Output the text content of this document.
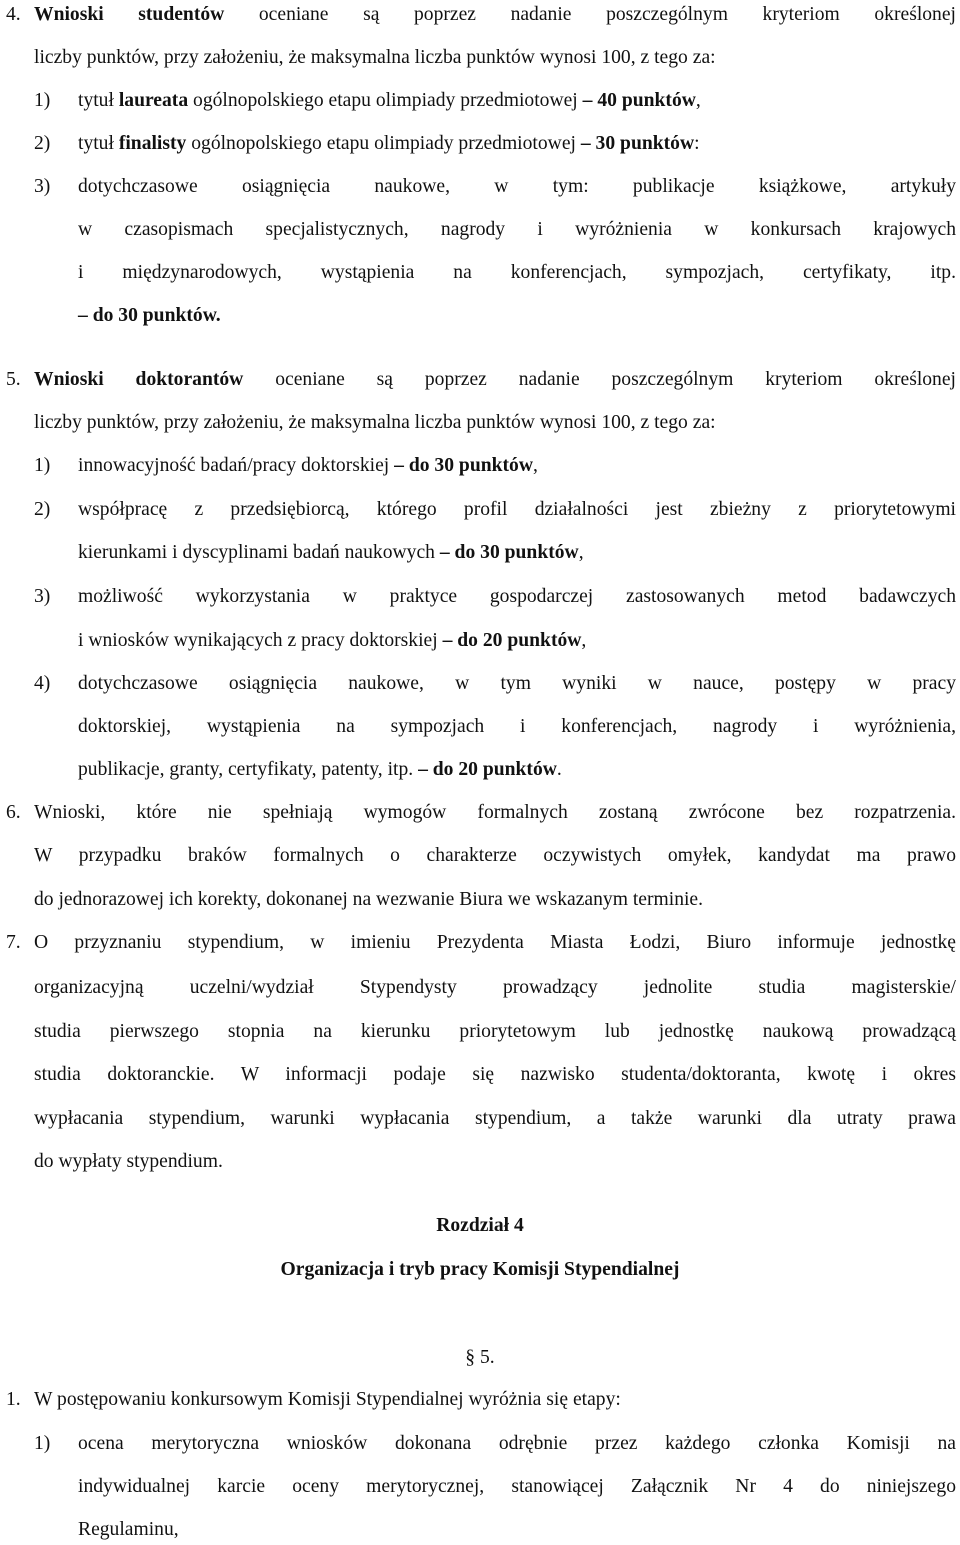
4. Wnioski studentów oceniane są poprzez nadanie poszczególnym kryteriom określonej
liczby punktów, przy założeniu, że maksymalna liczba punktów wynosi 100, z tego za:
1) tytuł laureata ogólnopolskiego etapu olimpiady przedmiotowej – 40 punktów,
2) tytuł finalisty ogólnopolskiego etapu olimpiady przedmiotowej – 30 punktów:
3) dotychczasowe osiągnięcia naukowe, w tym: publikacje książkowe, artykuły
w czasopismach specjalistycznych, nagrody i wyróżnienia w konkursach krajowych
i międzynarodowych, wystąpienia na konferencjach, sympozjach, certyfikaty, itp.
– do 30 punktów.
5. Wnioski doktorantów oceniane są poprzez nadanie poszczególnym kryteriom określonej
liczby punktów, przy założeniu, że maksymalna liczba punktów wynosi 100, z tego za:
1) innowacyjność badań/pracy doktorskiej – do 30 punktów,
2) współpracę z przedsiębiorcą, którego profil działalności jest zbieżny z priorytetowymi
kierunkami i dyscyplinami badań naukowych – do 30 punktów,
3) możliwość wykorzystania w praktyce gospodarczej zastosowanych metod badawczych
i wniosków wynikających z pracy doktorskiej – do 20 punktów,
4) dotychczasowe osiągnięcia naukowe, w tym wyniki w nauce, postępy w pracy
doktorskiej, wystąpienia na sympozjach i konferencjach, nagrody i wyróżnienia,
publikacje, granty, certyfikaty, patenty, itp. – do 20 punktów.
6. Wnioski, które nie spełniają wymogów formalnych zostaną zwrócone bez rozpatrzenia.
W przypadku braków formalnych o charakterze oczywistych omyłek, kandydat ma prawo
do jednorazowej ich korekty, dokonanej na wezwanie Biura we wskazanym terminie.
7. O przyznaniu stypendium, w imieniu Prezydenta Miasta Łodzi, Biuro informuje jednostkę
organizacyjną uczelni/wydział Stypendysty prowadzący jednolite studia magisterskie/
studia pierwszego stopnia na kierunku priorytetowym lub jednostkę naukową prowadzącą
studia doktoranckie. W informacji podaje się nazwisko studenta/doktoranta, kwotę i okres
wypłacania stypendium, warunki wypłacania stypendium, a także warunki dla utraty prawa
do wypłaty stypendium.
Rozdział 4
Organizacja i tryb pracy Komisji Stypendialnej
§ 5.
1. W postępowaniu konkursowym Komisji Stypendialnej wyróżnia się etapy:
1) ocena merytoryczna wniosków dokonana odrębnie przez każdego członka Komisji na
indywidualnej karcie oceny merytorycznej, stanowiącej Załącznik Nr 4 do niniejszego
Regulaminu,
